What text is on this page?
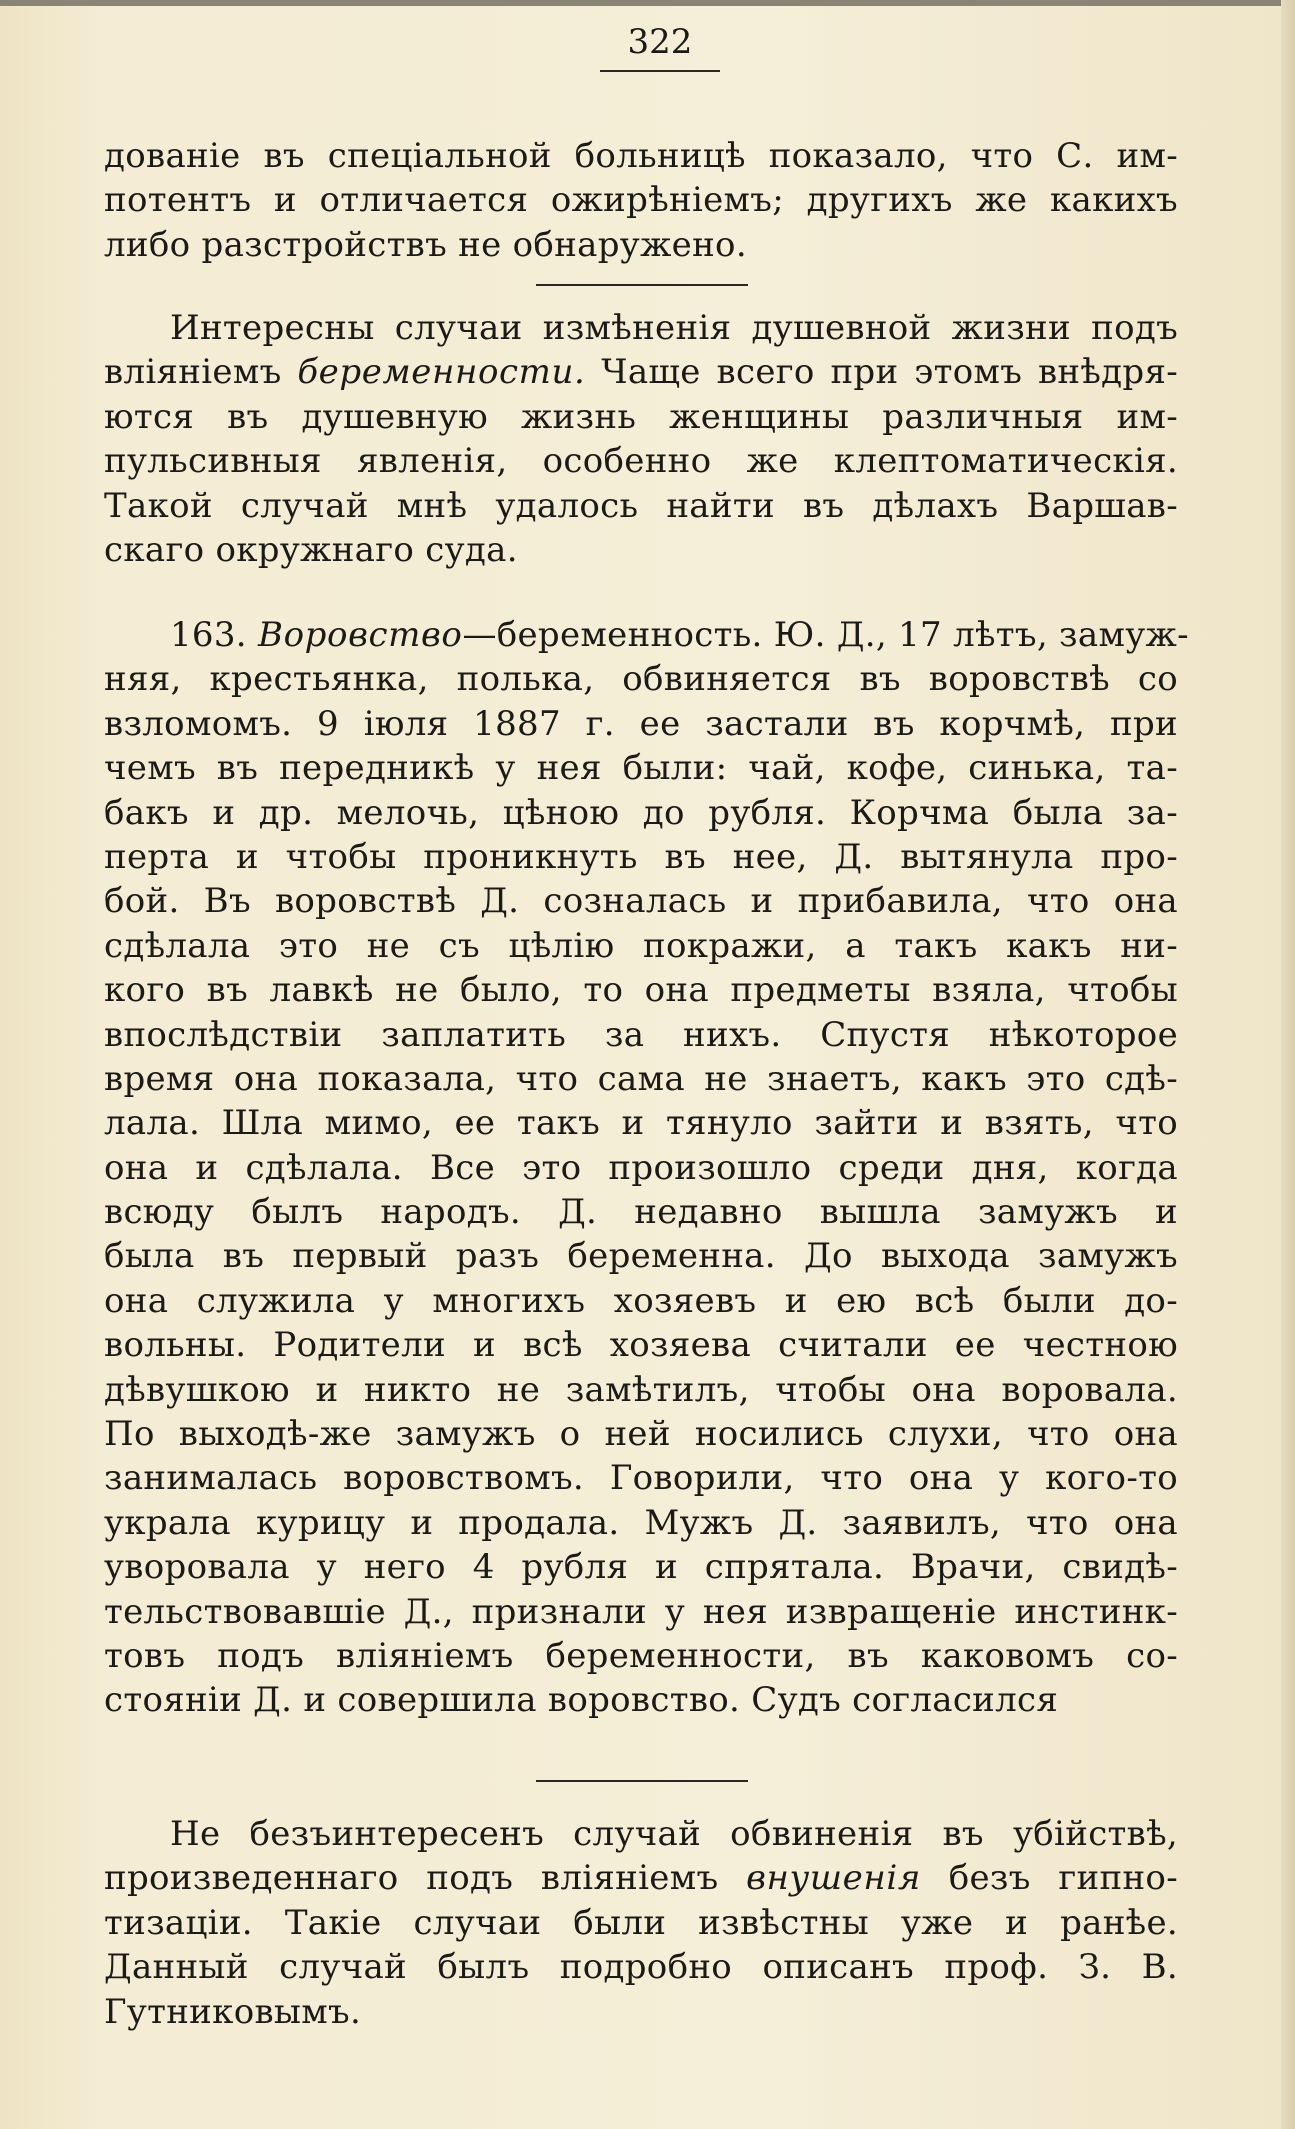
322
дованіе въ спеціальной больницѣ показало, что С. им-
потентъ и отличается ожирѣніемъ; другихъ же какихъ
либо разстройствъ не обнаружено.
Интересны случаи измѣненія душевной жизни подъ
вліяніемъ беременности. Чаще всего при этомъ внѣдря-
ются въ душевную жизнь женщины различныя им-
пульсивныя явленія, особенно же клептоматическія.
Такой случай мнѣ удалось найти въ дѣлахъ Варшав-
скаго окружнаго суда.
163. Воровство—беременность. Ю. Д., 17 лѣтъ, замуж-
няя, крестьянка, полька, обвиняется въ воровствѣ со
взломомъ. 9 іюля 1887 г. ее застали въ корчмѣ, при
чемъ въ передникѣ у нея были: чай, кофе, синька, та-
бакъ и др. мелочь, цѣною до рубля. Корчма была за-
перта и чтобы проникнуть въ нее, Д. вытянула про-
бой. Въ воровствѣ Д. созналась и прибавила, что она
сдѣлала это не съ цѣлію покражи, а такъ какъ ни-
кого въ лавкѣ не было, то она предметы взяла, чтобы
впослѣдствіи заплатить за нихъ. Спустя нѣкоторое
время она показала, что сама не знаетъ, какъ это сдѣ-
лала. Шла мимо, ее такъ и тянуло зайти и взять, что
она и сдѣлала. Все это произошло среди дня, когда
всюду былъ народъ. Д. недавно вышла замужъ и
была въ первый разъ беременна. До выхода замужъ
она служила у многихъ хозяевъ и ею всѣ были до-
вольны. Родители и всѣ хозяева считали ее честною
дѣвушкою и никто не замѣтилъ, чтобы она воровала.
По выходѣ-же замужъ о ней носились слухи, что она
занималась воровствомъ. Говорили, что она у кого-то
украла курицу и продала. Мужъ Д. заявилъ, что она
уворовала у него 4 рубля и спрятала. Врачи, свидѣ-
тельствовавшіе Д., признали у нея извращеніе инстинк-
товъ подъ вліяніемъ беременности, въ каковомъ со-
стояніи Д. и совершила воровство. Судъ согласился
Не безъинтересенъ случай обвиненія въ убійствѣ,
произведеннаго подъ вліяніемъ внушенія безъ гипно-
тизаціи. Такіе случаи были извѣстны уже и ранѣе.
Данный случай былъ подробно описанъ проф. З. В.
Гутниковымъ.
